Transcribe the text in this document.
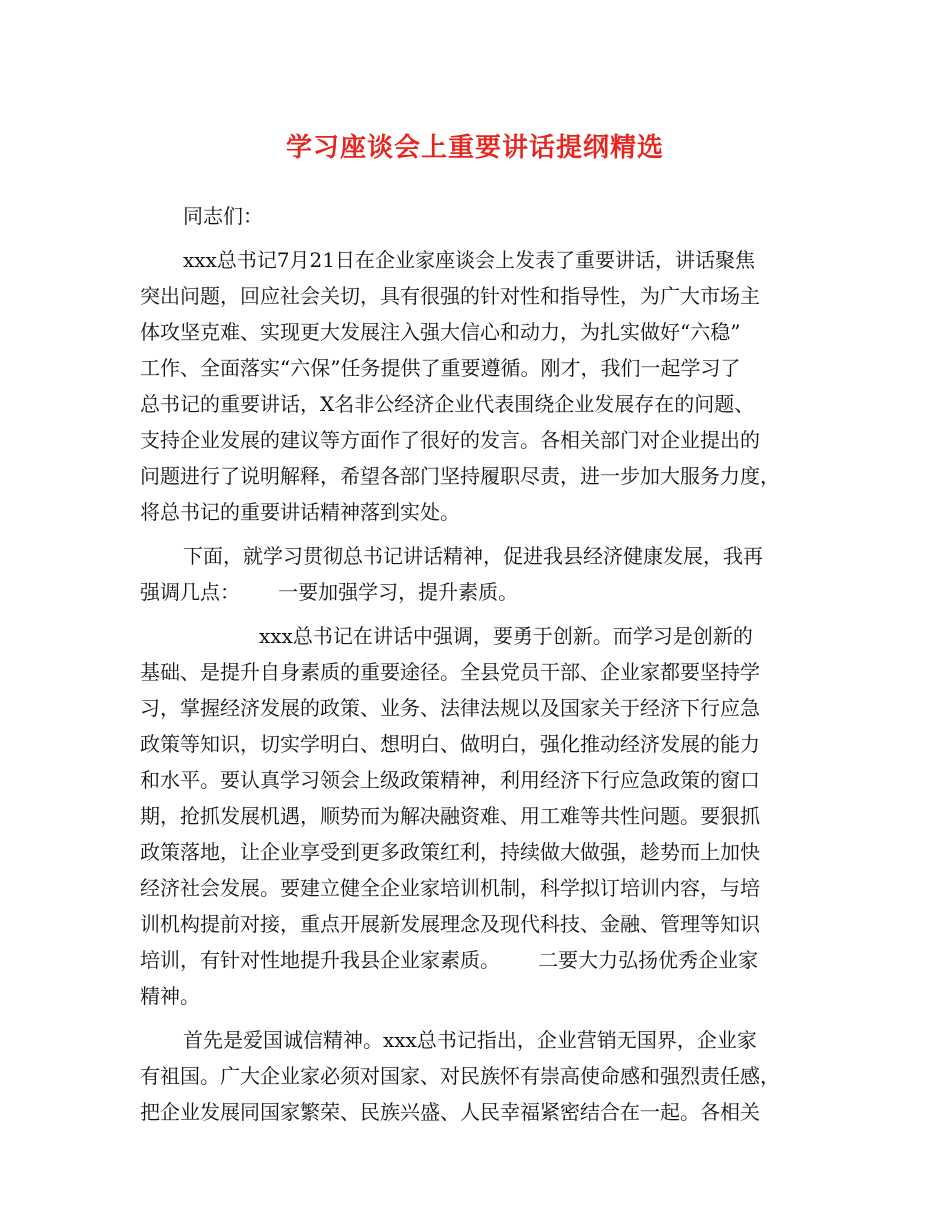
学习座谈会上重要讲话提纲精选
同志们：
xxx总书记7月21日在企业家座谈会上发表了重要讲话，讲话聚焦
突出问题，回应社会关切，具有很强的针对性和指导性，为广大市场主
体攻坚克难、实现更大发展注入强大信心和动力，为扎实做好“六稳”
工作、全面落实“六保”任务提供了重要遵循。刚才，我们一起学习了
总书记的重要讲话，X名非公经济企业代表围绕企业发展存在的问题、
支持企业发展的建议等方面作了很好的发言。各相关部门对企业提出的
问题进行了说明解释，希望各部门坚持履职尽责，进一步加大服务力度，
将总书记的重要讲话精神落到实处。
下面，就学习贯彻总书记讲话精神，促进我县经济健康发展，我再
强调几点：      一要加强学习，提升素质。
xxx总书记在讲话中强调，要勇于创新。而学习是创新的
基础、是提升自身素质的重要途径。全县党员干部、企业家都要坚持学
习，掌握经济发展的政策、业务、法律法规以及国家关于经济下行应急
政策等知识，切实学明白、想明白、做明白，强化推动经济发展的能力
和水平。要认真学习领会上级政策精神，利用经济下行应急政策的窗口
期，抢抓发展机遇，顺势而为解决融资难、用工难等共性问题。要狠抓
政策落地，让企业享受到更多政策红利，持续做大做强，趁势而上加快
经济社会发展。要建立健全企业家培训机制，科学拟订培训内容，与培
训机构提前对接，重点开展新发展理念及现代科技、金融、管理等知识
培训，有针对性地提升我县企业家素质。      二要大力弘扬优秀企业家
精神。
首先是爱国诚信精神。xxx总书记指出，企业营销无国界，企业家
有祖国。广大企业家必须对国家、对民族怀有崇高使命感和强烈责任感，
把企业发展同国家繁荣、民族兴盛、人民幸福紧密结合在一起。各相关
